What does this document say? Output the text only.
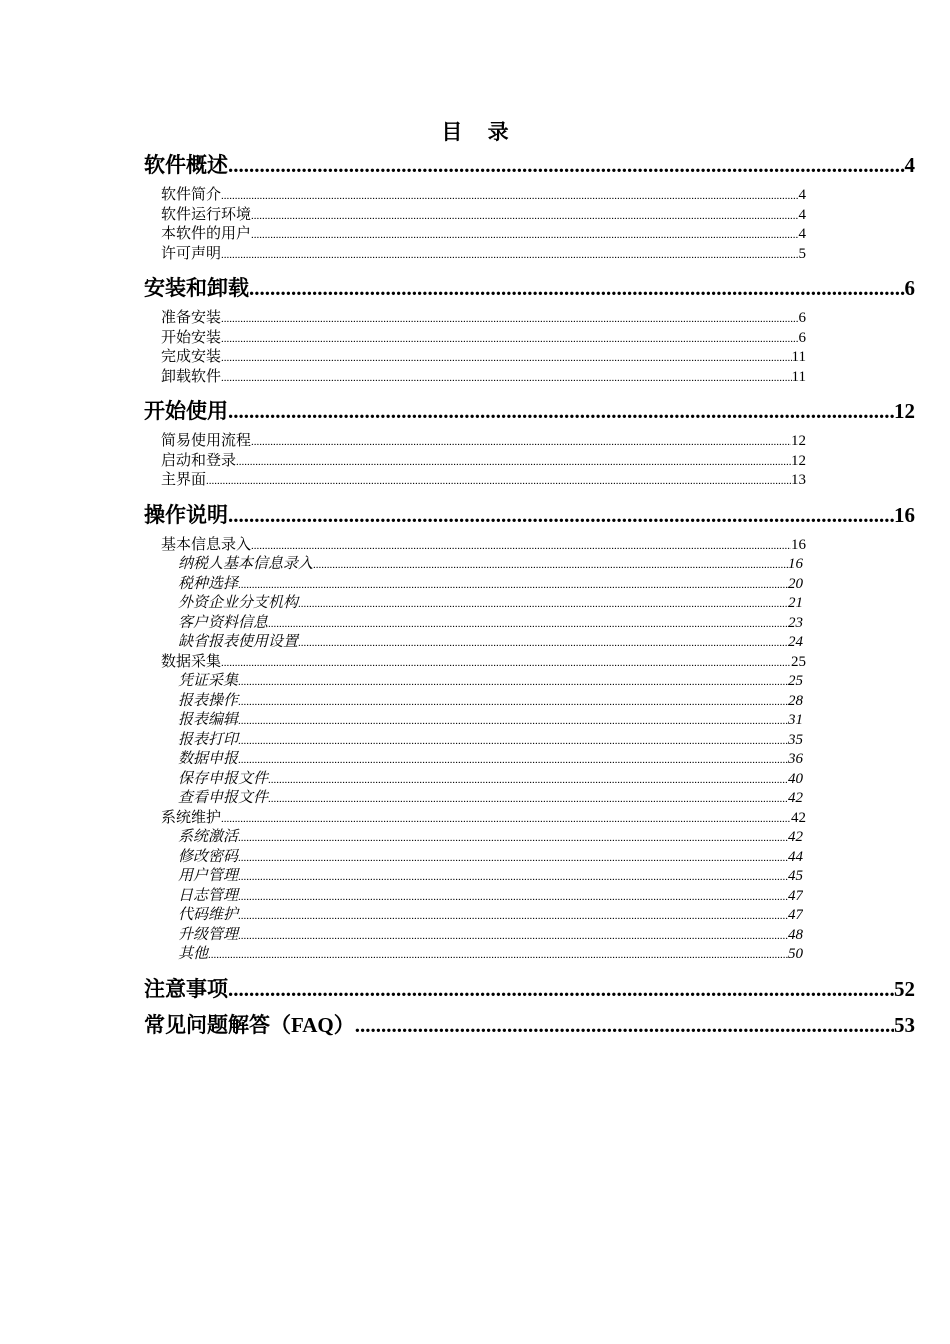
目 录
软件概述 .....	4
软件简介 .....	4
软件运行环境 .....	4
本软件的用户 .....	4
许可声明 .....	5
安装和卸载 .....	6
准备安装 .....	6
开始安装 .....	6
完成安装 .....	11
卸载软件 .....	11
开始使用 .....	12
简易使用流程 .....	12
启动和登录 .....	12
主界面 .....	13
操作说明 .....	16
基本信息录入 .....	16
纳税人基本信息录入 .....	16
税种选择 .....	20
外资企业分支机构 .....	21
客户资料信息 .....	23
缺省报表使用设置 .....	24
数据采集 .....	25
凭证采集 .....	25
报表操作 .....	28
报表编辑 .....	31
报表打印 .....	35
数据申报 .....	36
保存申报文件 .....	40
查看申报文件 .....	42
系统维护 .....	42
系统激活 .....	42
修改密码 .....	44
用户管理 .....	45
日志管理 .....	47
代码维护 .....	47
升级管理 .....	48
其他 .....	50
注意事项 .....	52
常见问题解答（FAQ） .....	53
